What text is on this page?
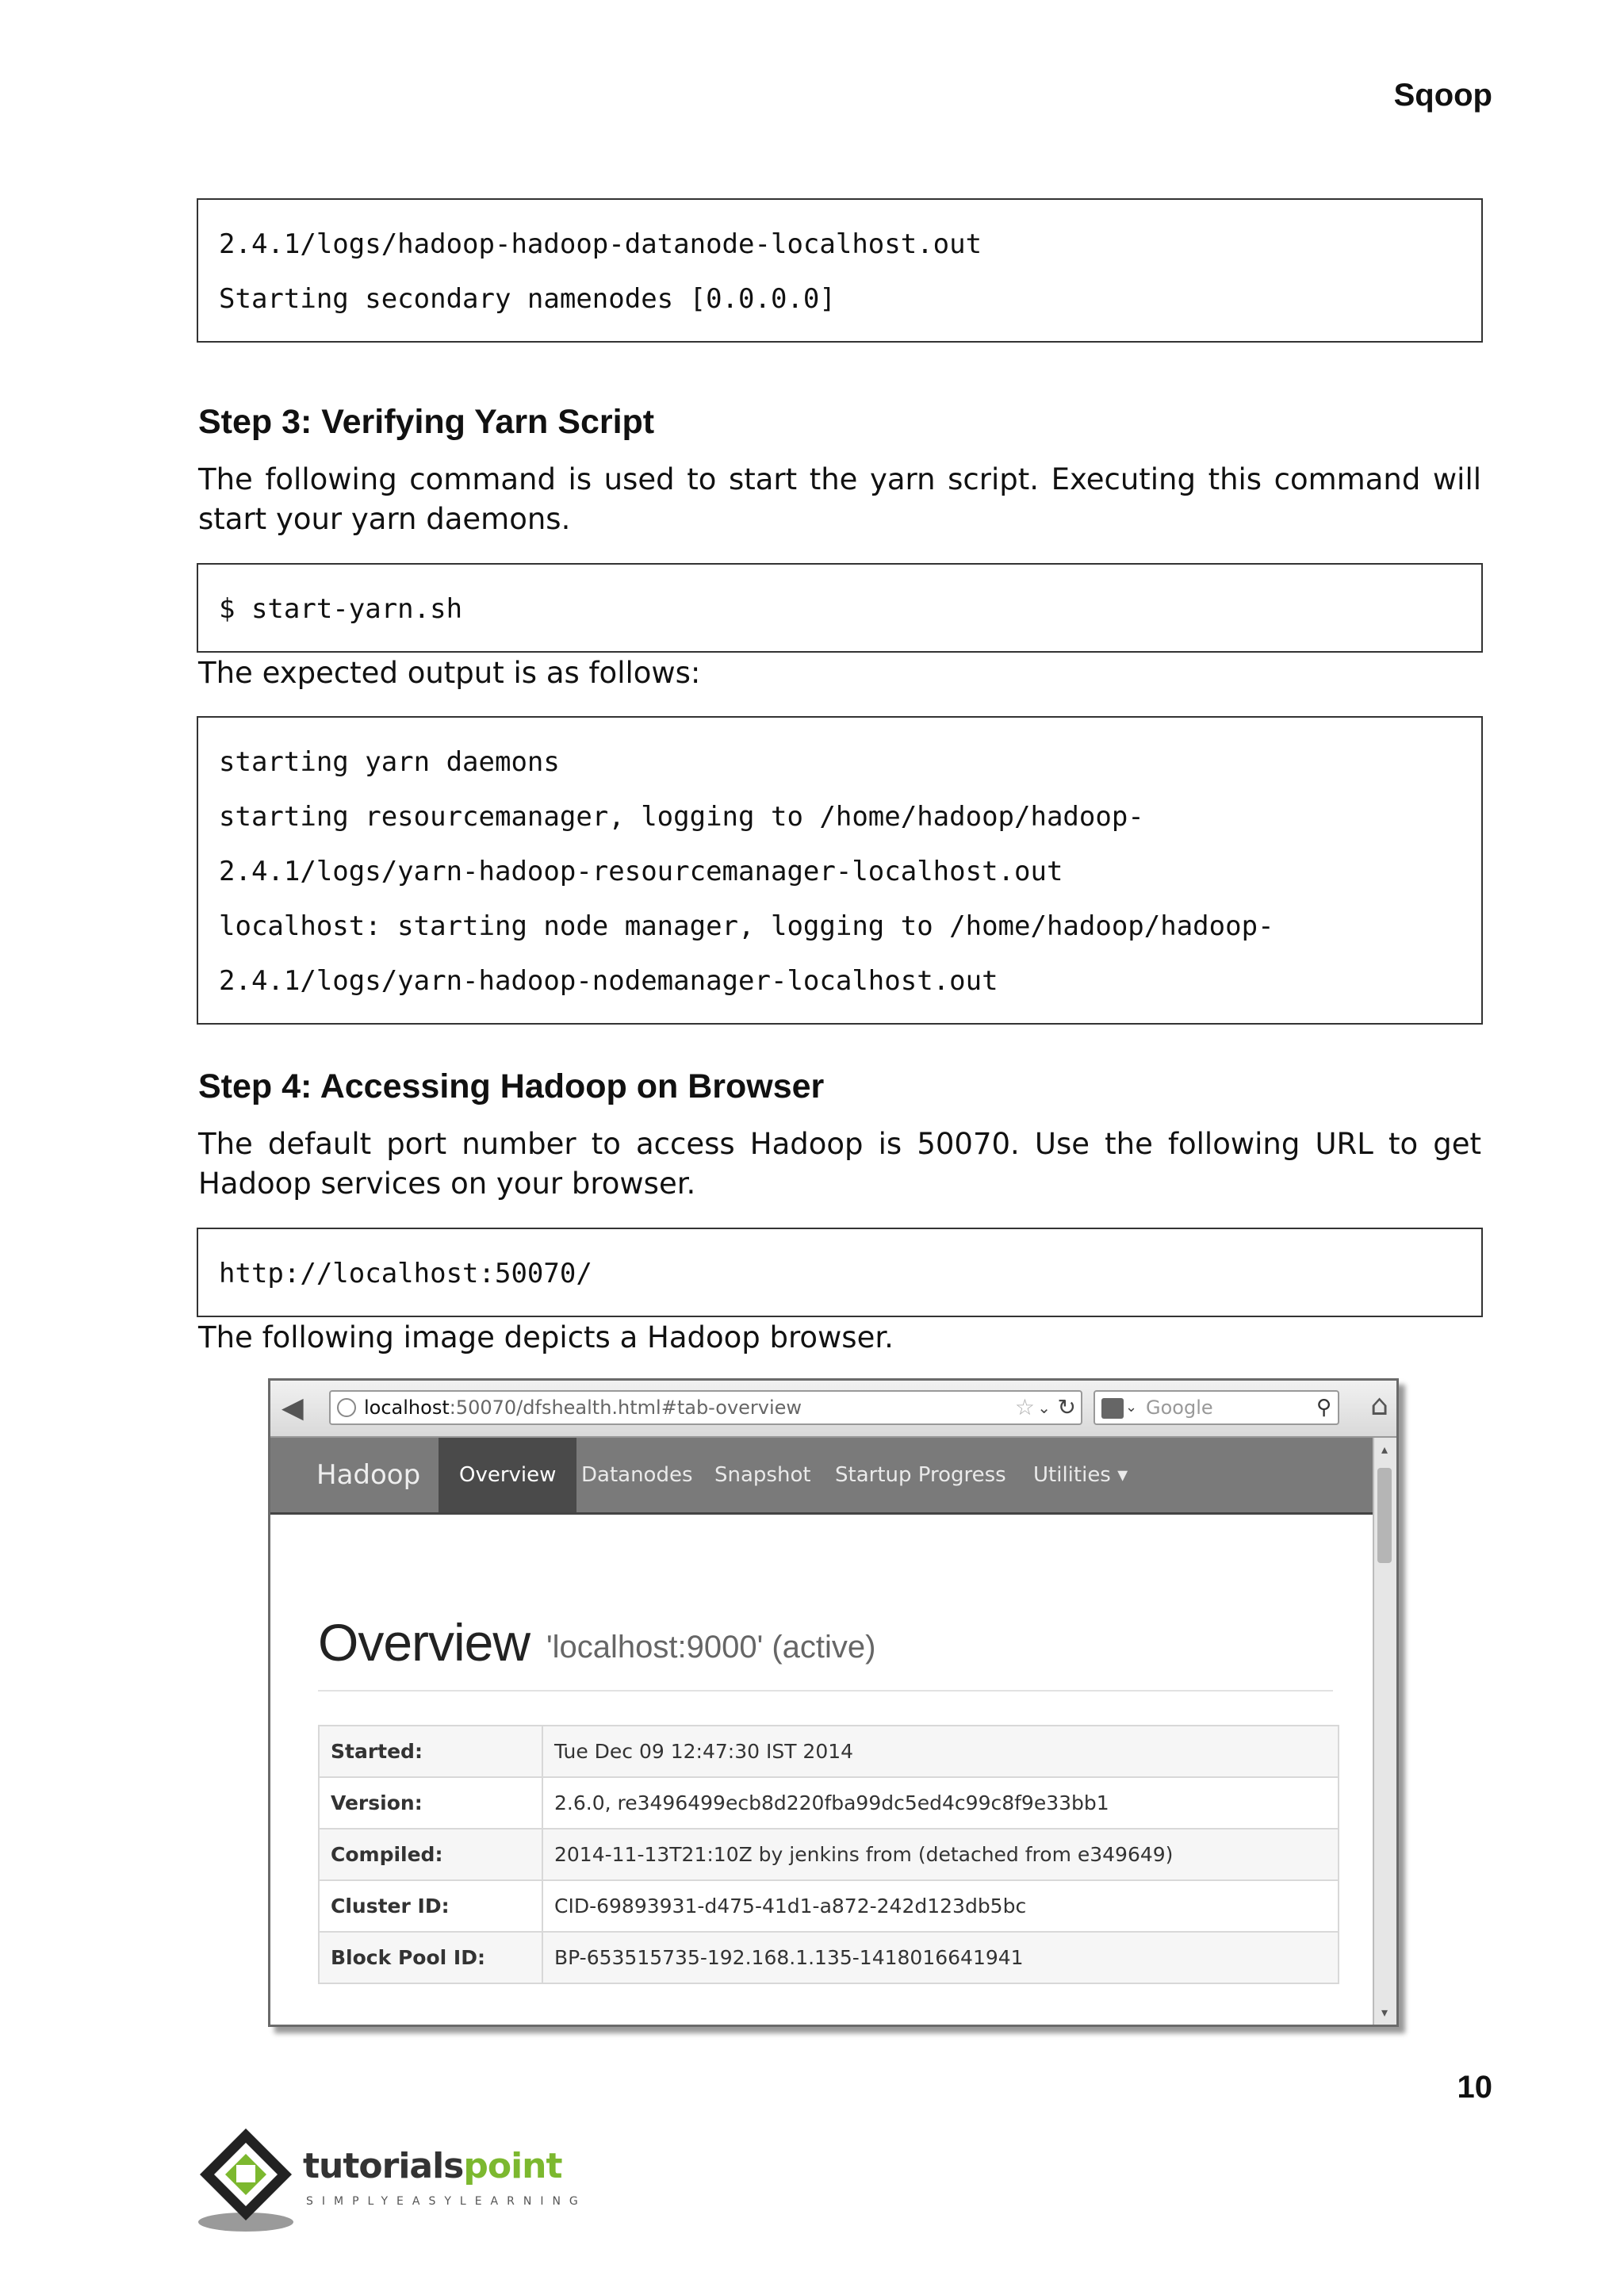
Sqoop
2.4.1/logs/hadoop-hadoop-datanode-localhost.out
Starting secondary namenodes [0.0.0.0]
Step 3: Verifying Yarn Script
The following command is used to start the yarn script. Executing this command will start your yarn daemons.
$ start-yarn.sh
The expected output is as follows:
starting yarn daemons
starting resourcemanager, logging to /home/hadoop/hadoop-
2.4.1/logs/yarn-hadoop-resourcemanager-localhost.out
localhost: starting node manager, logging to /home/hadoop/hadoop-
2.4.1/logs/yarn-hadoop-nodemanager-localhost.out
Step 4: Accessing Hadoop on Browser
The default port number to access Hadoop is 50070. Use the following URL to get Hadoop services on your browser.
http://localhost:50070/
The following image depicts a Hadoop browser.
◀	localhost:50070/dfshealth.html#tab-overview	☆ ⌄ ↻	⌄ Google	⚲ ⌂
Hadoop	Overview	Datanodes	Snapshot	Startup Progress	Utilities ▾
▴
▾
Overview 'localhost:9000' (active)
Started:	Tue Dec 09 12:47:30 IST 2014
Version:	2.6.0, re3496499ecb8d220fba99dc5ed4c99c8f9e33bb1
Compiled:	2014-11-13T21:10Z by jenkins from (detached from e349649)
Cluster ID:	CID-69893931-d475-41d1-a872-242d123db5bc
Block Pool ID:	BP-653515735-192.168.1.135-1418016641941
10
tutorialspoint
SIMPLYEASYLEARNING
